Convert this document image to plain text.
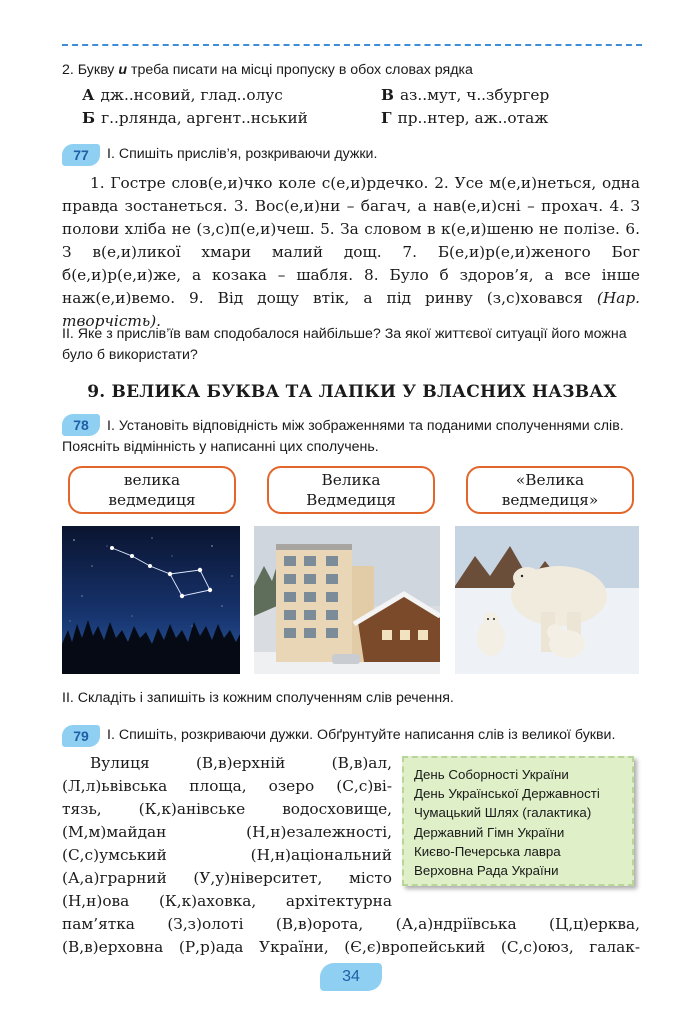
2. Букву и треба писати на місці пропуску в обох словах рядка
А дж..нсовий, глад..олус
Б г..рлянда, аргент..нський
В аз..мут, ч..збургер
Г пр..нтер, аж..отаж
77	I. Спишіть прислів’я, розкриваючи дужки.
1. Гостре слов(е,и)чко коле с(е,и)рдечко. 2. Усе м(е,и)неться, одна правда зостанеться. 3. Вос(е,и)ни – багач, а нав(е,и)сні – прохач. 4. З полови хліба не (з,с)п(е,и)чеш. 5. За словом в к(е,и)шеню не полізе. 6. З в(е,и)ликої хмари малий дощ. 7. Б(е,и)р(е,и)женого Бог б(е,и)р(е,и)же, а козака – шабля. 8. Було б здоров’я, а все інше наж(е,и)вемо. 9. Від дощу втік, а під ринву (з,с)ховався (Нар. творчість).
II. Яке з прислів’їв вам сподобалося найбільше? За якої життєвої ситуації його можна було б використати?
9. ВЕЛИКА БУКВА ТА ЛАПКИ У ВЛАСНИХ НАЗВАХ
78	I. Установіть відповідність між зображеннями та поданими сполученнями слів. Поясніть відмінність у написанні цих сполучень.
велика
ведмедиця
Велика
Ведмедиця
«Велика
ведмедиця»
II. Складіть і запишіть із кожним сполученням слів речення.
79	I. Спишіть, розкриваючи дужки. Обґрунтуйте написання слів із великої букви.
Вулиця (В,в)ерхній (В,в)ал,
(Л,л)ьвівська площа, озеро (С,с)ві-
тязь, (К,к)анівське водосховище,
(М,м)майдан (Н,н)езалежності,
(С,с)умський (Н,н)аціональний
(А,а)грарний (У,у)ніверситет, місто
(Н,н)ова (К,к)аховка, архітектурна
пам’ятка (З,з)олоті (В,в)орота, (А,а)ндріївська (Ц,ц)ерква,
(В,в)ерховна (Р,р)ада України, (Є,є)вропейський (С,с)оюз, галак-
День Соборності України
День Української Державності
Чумацький Шлях (галактика)
Державний Гімн України
Києво-Печерська лавра
Верховна Рада України
34
